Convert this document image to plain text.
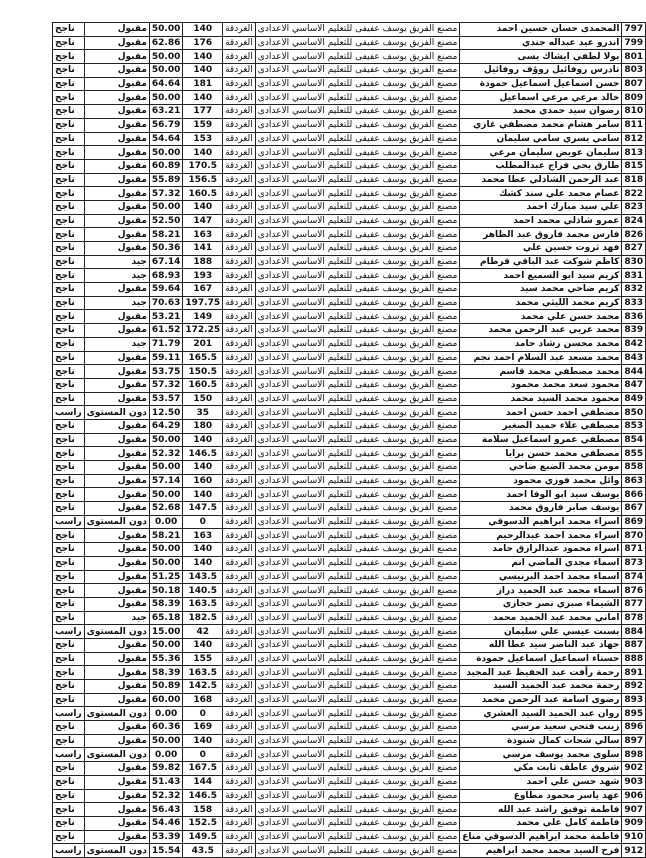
ناجح	مقبول	50.00	140	الغردقة	مصنع الفريق يوسف عفيفى للتعليم الاساسي الاعدادى	المحمدى حسان حسين احمد	797
ناجح	مقبول	62.86	176	الغردقة	مصنع الفريق يوسف عفيفى للتعليم الاساسي الاعدادى	اندرو عيد عبداله جندي	799
ناجح	مقبول	50.00	140	الغردقة	مصنع الفريق يوسف عفيفى للتعليم الاساسي الاعدادى	بولا لطفي ايشاك يسى	801
ناجح	مقبول	50.00	140	الغردقة	مصنع الفريق يوسف عفيفى للتعليم الاساسي الاعدادى	تادرس روفائيل روؤف روفائيل	803
ناجح	مقبول	64.64	181	الغردقة	مصنع الفريق يوسف عفيفى للتعليم الاساسي الاعدادى	حسن اسماعيل اسماعيل حمودة	807
ناجح	مقبول	50.00	140	الغردقة	مصنع الفريق يوسف عفيفى للتعليم الاساسي الاعدادى	خالد مرعي مرعي اسماعيل	809
ناجح	مقبول	63.21	177	الغردقة	مصنع الفريق يوسف عفيفى للتعليم الاساسي الاعدادى	رضوان سيد حمدي محمد	810
ناجح	مقبول	56.79	159	الغردقة	مصنع الفريق يوسف عفيفى للتعليم الاساسي الاعدادى	سامر هشام محمد مصطفي غازي	811
ناجح	مقبول	54.64	153	الغردقة	مصنع الفريق يوسف عفيفى للتعليم الاساسي الاعدادى	سامي يسري سامي سليمان	812
ناجح	مقبول	50.00	140	الغردقة	مصنع الفريق يوسف عفيفى للتعليم الاساسي الاعدادى	سليمان عويض سليمان مرعي	813
ناجح	مقبول	60.89	170.5	الغردقة	مصنع الفريق يوسف عفيفى للتعليم الاساسي الاعدادى	طارق يحي فراج عبدالمطلب	815
ناجح	مقبول	55.89	156.5	الغردقة	مصنع الفريق يوسف عفيفى للتعليم الاساسي الاعدادى	عبد الرحمن الشاذلي عطا محمد	818
ناجح	مقبول	57.32	160.5	الغردقة	مصنع الفريق يوسف عفيفى للتعليم الاساسي الاعدادى	عصام محمد علي سند كشك	822
ناجح	مقبول	50.00	140	الغردقة	مصنع الفريق يوسف عفيفى للتعليم الاساسي الاعدادى	علي سيد مبارك احمد	823
ناجح	مقبول	52.50	147	الغردقة	مصنع الفريق يوسف عفيفى للتعليم الاساسي الاعدادى	عمرو شاذلي محمد احمد	824
ناجح	مقبول	58.21	163	الغردقة	مصنع الفريق يوسف عفيفى للتعليم الاساسي الاعدادى	فارس محمد فاروق عبد الظاهر	826
ناجح	مقبول	50.36	141	الغردقة	مصنع الفريق يوسف عفيفى للتعليم الاساسي الاعدادى	فهد ثروت حسين علي	827
ناجح	جيد	67.14	188	الغردقة	مصنع الفريق يوسف عفيفى للتعليم الاساسي الاعدادى	كاظم شوكت عبد الباقي قرطام	830
ناجح	جيد	68.93	193	الغردقة	مصنع الفريق يوسف عفيفى للتعليم الاساسي الاعدادى	كريم سيد ابو السميع احمد	831
ناجح	مقبول	59.64	167	الغردقة	مصنع الفريق يوسف عفيفى للتعليم الاساسي الاعدادى	كريم ضاحي محمد سيد	832
ناجح	جيد	70.63	197.75	الغردقة	مصنع الفريق يوسف عفيفى للتعليم الاساسي الاعدادى	كريم محمد الليثي محمد	833
ناجح	مقبول	53.21	149	الغردقة	مصنع الفريق يوسف عفيفى للتعليم الاساسي الاعدادى	محمد حسن علي محمد	836
ناجح	مقبول	61.52	172.25	الغردقة	مصنع الفريق يوسف عفيفى للتعليم الاساسي الاعدادى	محمد عربي عبد الرحمن محمد	839
ناجح	جيد	71.79	201	الغردقة	مصنع الفريق يوسف عفيفى للتعليم الاساسي الاعدادى	محمد محسن رشاد حامد	842
ناجح	مقبول	59.11	165.5	الغردقة	مصنع الفريق يوسف عفيفى للتعليم الاساسي الاعدادى	محمد مسعد عبد السلام احمد نجم	843
ناجح	مقبول	53.75	150.5	الغردقة	مصنع الفريق يوسف عفيفى للتعليم الاساسي الاعدادى	محمد مصطفي محمد قاسم	844
ناجح	مقبول	57.32	160.5	الغردقة	مصنع الفريق يوسف عفيفى للتعليم الاساسي الاعدادى	محمود سعد محمد محمود	847
ناجح	مقبول	53.57	150	الغردقة	مصنع الفريق يوسف عفيفى للتعليم الاساسي الاعدادى	محمود محمد السيد محمد	849
راسب	دون المستوى	12.50	35	الغردقة	مصنع الفريق يوسف عفيفى للتعليم الاساسي الاعدادى	مصطفي احمد حسن احمد	850
ناجح	مقبول	64.29	180	الغردقة	مصنع الفريق يوسف عفيفى للتعليم الاساسي الاعدادى	مصطفي علاء حميد الصغير	853
ناجح	مقبول	50.00	140	الغردقة	مصنع الفريق يوسف عفيفى للتعليم الاساسي الاعدادى	مصطفي عمرو اسماعيل سلامة	854
ناجح	مقبول	52.32	146.5	الغردقة	مصنع الفريق يوسف عفيفى للتعليم الاساسي الاعدادى	مصطفي محمد حسن برايا	855
ناجح	مقبول	50.00	140	الغردقة	مصنع الفريق يوسف عفيفى للتعليم الاساسي الاعدادى	مومن محمد الضبع ضاحي	858
ناجح	مقبول	57.14	160	الغردقة	مصنع الفريق يوسف عفيفى للتعليم الاساسي الاعدادى	وائل محمد فوزي محمود	863
ناجح	مقبول	50.00	140	الغردقة	مصنع الفريق يوسف عفيفى للتعليم الاساسي الاعدادى	يوسف سيد ابو الوفا احمد	866
ناجح	مقبول	52.68	147.5	الغردقة	مصنع الفريق يوسف عفيفى للتعليم الاساسي الاعدادى	يوسف صابر فاروق محمد	867
راسب	دون المستوى	0.00	0	الغردقة	مصنع الفريق يوسف عفيفى للتعليم الاساسي الاعدادى	اسراء محمد ابراهيم الدسوقي	869
ناجح	مقبول	58.21	163	الغردقة	مصنع الفريق يوسف عفيفى للتعليم الاساسي الاعدادى	اسراء محمد احمد عبدالرحيم	870
ناجح	مقبول	50.00	140	الغردقة	مصنع الفريق يوسف عفيفى للتعليم الاساسي الاعدادى	اسراء محمود عبدالرازق حامد	871
ناجح	مقبول	50.00	140	الغردقة	مصنع الفريق يوسف عفيفى للتعليم الاساسي الاعدادى	اسماء مجدي الماضي انم	873
ناجح	مقبول	51.25	143.5	الغردقة	مصنع الفريق يوسف عفيفى للتعليم الاساسي الاعدادى	اسماء محمد احمد البرنيسي	874
ناجح	مقبول	50.18	140.5	الغردقة	مصنع الفريق يوسف عفيفى للتعليم الاساسي الاعدادى	اسماء محمد عبد الحميد دراز	876
ناجح	مقبول	58.39	163.5	الغردقة	مصنع الفريق يوسف عفيفى للتعليم الاساسي الاعدادى	الشيماء صبري نصر حجازي	877
ناجح	جيد	65.18	182.5	الغردقة	مصنع الفريق يوسف عفيفى للتعليم الاساسي الاعدادى	اماني محمد عبد الحميد محمد	878
راسب	دون المستوى	15.00	42	الغردقة	مصنع الفريق يوسف عفيفى للتعليم الاساسي الاعدادى	بسنت عيسي علي سليمان	884
ناجح	مقبول	50.00	140	الغردقة	مصنع الفريق يوسف عفيفى للتعليم الاساسي الاعدادى	جهاد عبد الناصر سيد عطا الله	887
ناجح	مقبول	55.36	155	الغردقة	مصنع الفريق يوسف عفيفى للتعليم الاساسي الاعدادى	حسناء اسماعيل اسماعيل حمودة	888
ناجح	مقبول	58.39	163.5	الغردقة	مصنع الفريق يوسف عفيفى للتعليم الاساسي الاعدادى	رحمة رأفت عبد الحفيظ عبد المجيد	891
ناجح	مقبول	50.89	142.5	الغردقة	مصنع الفريق يوسف عفيفى للتعليم الاساسي الاعدادى	رحمة محمد عبد الحميد السيد	892
ناجح	مقبول	60.00	168	الغردقة	مصنع الفريق يوسف عفيفى للتعليم الاساسي الاعدادى	رضوى اسامة عبد الرحمن محمد	893
راسب	دون المستوى	0.00	0	الغردقة	مصنع الفريق يوسف عفيفى للتعليم الاساسي الاعدادى	روان عبد الحميد السيد العشري	895
ناجح	مقبول	60.36	169	الغردقة	مصنع الفريق يوسف عفيفى للتعليم الاساسي الاعدادى	زينب فتحي سعيد مرسي	896
ناجح	مقبول	50.00	140	الغردقة	مصنع الفريق يوسف عفيفى للتعليم الاساسي الاعدادى	سالي شحات كمال شنودة	897
راسب	دون المستوى	0.00	0	الغردقة	مصنع الفريق يوسف عفيفى للتعليم الاساسي الاعدادى	سلوى محمد يوسف مرسي	898
ناجح	مقبول	59.82	167.5	الغردقة	مصنع الفريق يوسف عفيفى للتعليم الاساسي الاعدادى	شروق عاطف ثابت مكي	902
ناجح	مقبول	51.43	144	الغردقة	مصنع الفريق يوسف عفيفى للتعليم الاساسي الاعدادى	شهد حسن علي احمد	903
ناجح	مقبول	52.32	146.5	الغردقة	مصنع الفريق يوسف عفيفى للتعليم الاساسي الاعدادى	عهد ياسر محمود مطاوع	906
ناجح	مقبول	56.43	158	الغردقة	مصنع الفريق يوسف عفيفى للتعليم الاساسي الاعدادى	فاطمة توفيق راشد عبد الله	907
ناجح	مقبول	54.46	152.5	الغردقة	مصنع الفريق يوسف عفيفى للتعليم الاساسي الاعدادى	فاطمة كامل علي محمد	909
ناجح	مقبول	53.39	149.5	الغردقة	مصنع الفريق يوسف عفيفى للتعليم الاساسي الاعدادى	فاطمة محمد ابراهيم الدسوقي مناع	910
راسب	دون المستوى	15.54	43.5	الغردقة	مصنع الفريق يوسف عفيفى للتعليم الاساسي الاعدادى	فرح السيد محمد محمد ابراهيم	912
